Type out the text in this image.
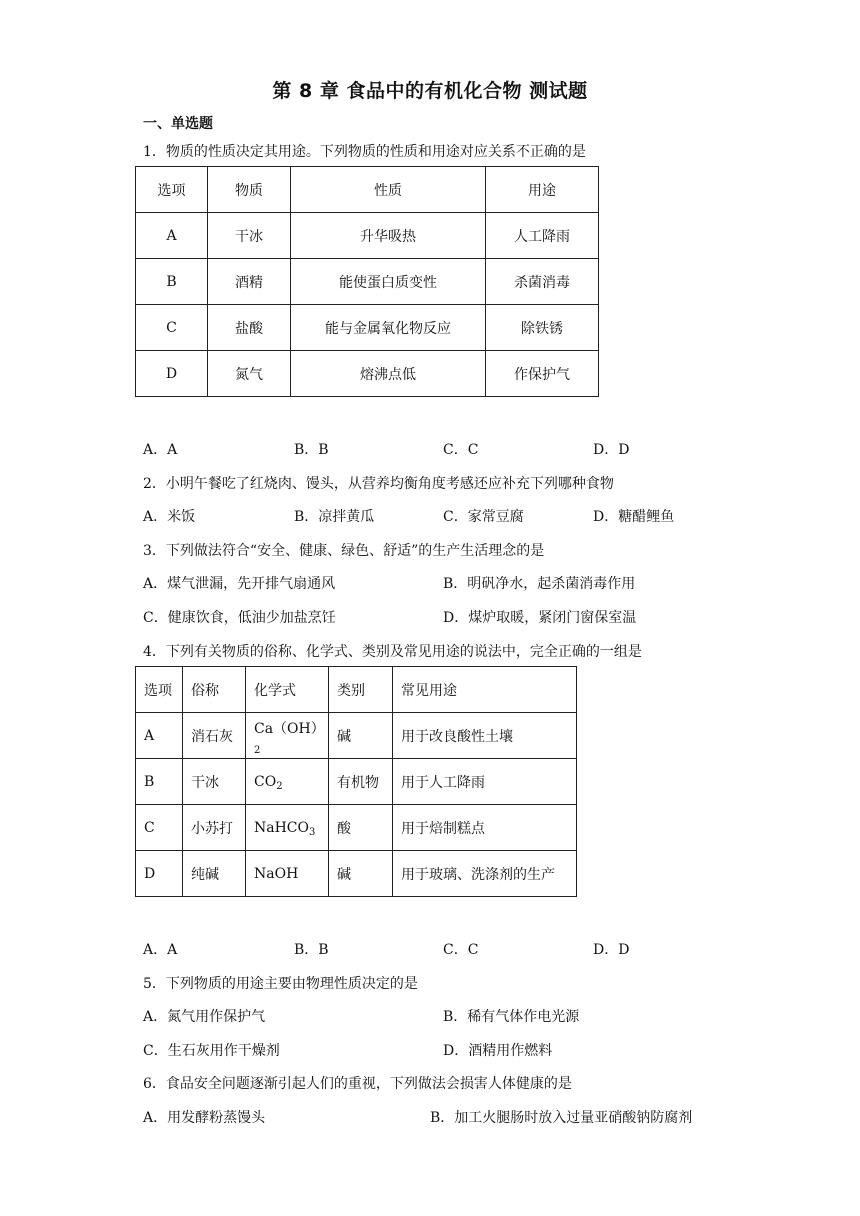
第 8 章 食品中的有机化合物 测试题
一、单选题
1．物质的性质决定其用途。下列物质的性质和用途对应关系不正确的是
选项	物质	性质	用途
A	干冰	升华吸热	人工降雨
B	酒精	能使蛋白质变性	杀菌消毒
C	盐酸	能与金属氧化物反应	除铁锈
D	氮气	熔沸点低	作保护气
A．A	B．B	C．C	D．D
2．小明午餐吃了红烧肉、馒头，从营养均衡角度考感还应补充下列哪种食物
A．米饭	B．凉拌黄瓜	C．家常豆腐	D．糖醋鲤鱼
3．下列做法符合“安全、健康、绿色、舒适”的生产生活理念的是
A．煤气泄漏，先开排气扇通风	B．明矾净水，起杀菌消毒作用
C．健康饮食，低油少加盐烹饪	D．煤炉取暖，紧闭门窗保室温
4．下列有关物质的俗称、化学式、类别及常见用途的说法中，完全正确的一组是
选项	俗称	化学式	类别	常见用途
A	消石灰	$Ca(OH)_2$	碱	用于改良酸性土壤
B	干冰	$CO_2$	有机物	用于人工降雨
C	小苏打	NaHCO$_3$	酸	用于焙制糕点
D	纯碱	NaOH	碱	用于玻璃、洗涤剂的生产
A．A	B．B	C．C	D．D
5．下列物质的用途主要由物理性质决定的是
A．氮气用作保护气	B．稀有气体作电光源
C．生石灰用作干燥剂	D．酒精用作燃料
6．食品安全问题逐渐引起人们的重视，下列做法会损害人体健康的是
A．用发酵粉蒸馒头	B．加工火腿肠时放入过量亚硝酸钠防腐剂
